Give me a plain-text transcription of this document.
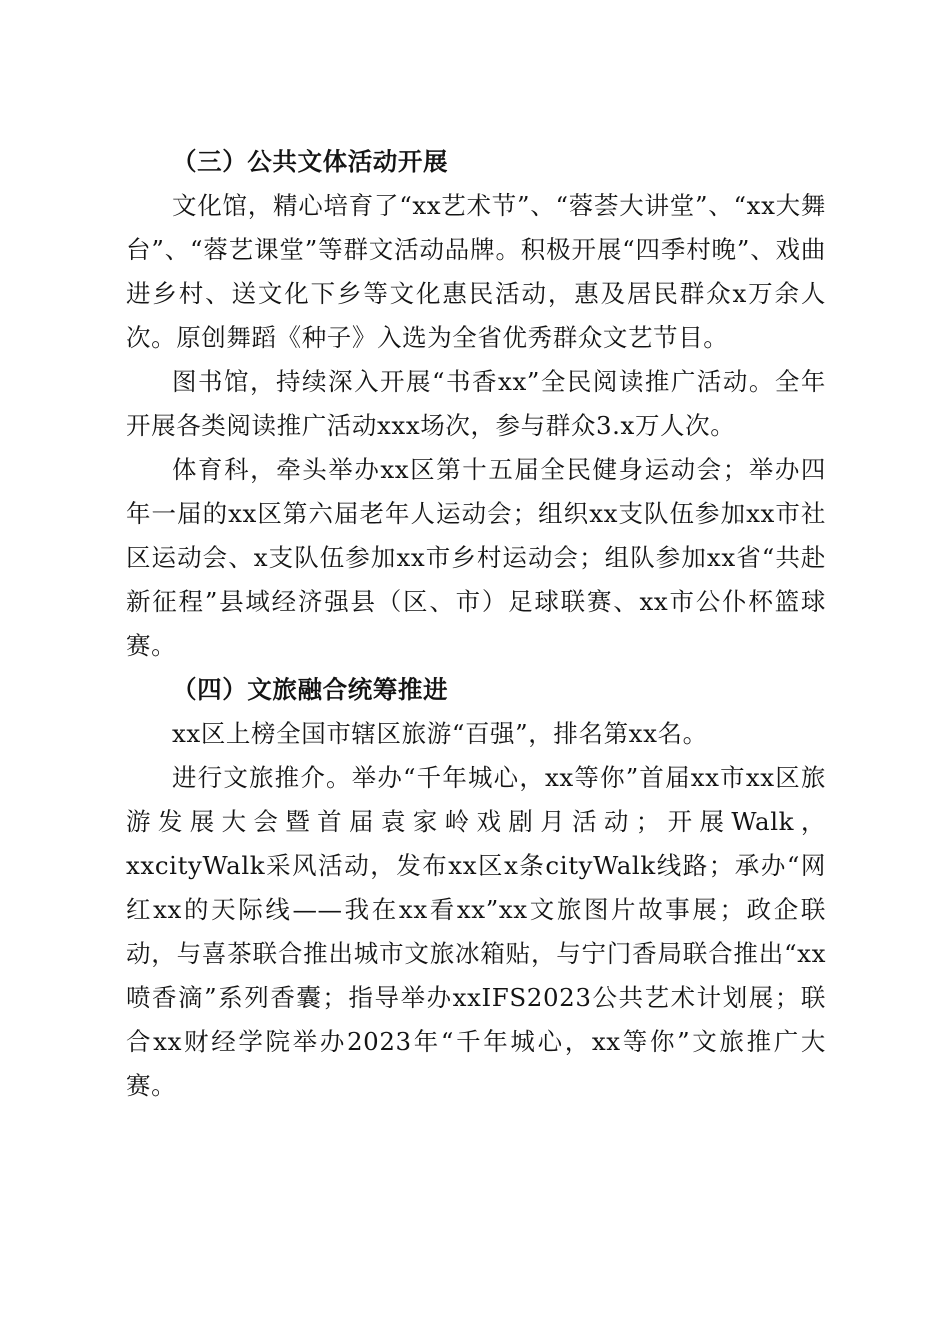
（三）公共文体活动开展

文化馆，精心培育了“xx艺术节”、“蓉荟大讲堂”、“xx大舞台”、“蓉艺课堂”等群文活动品牌。积极开展“四季村晚”、戏曲进乡村、送文化下乡等文化惠民活动，惠及居民群众x万余人次。原创舞蹈《种子》入选为全省优秀群众文艺节目。

图书馆，持续深入开展“书香xx”全民阅读推广活动。全年开展各类阅读推广活动xxx场次，参与群众3.x万人次。

体育科，牵头举办xx区第十五届全民健身运动会；举办四年一届的xx区第六届老年人运动会；组织xx支队伍参加xx市社区运动会、x支队伍参加xx市乡村运动会；组队参加xx省“共赴新征程”县域经济强县（区、市）足球联赛、xx市公仆杯篮球赛。

（四）文旅融合统筹推进

xx区上榜全国市辖区旅游“百强”，排名第xx名。

进行文旅推介。举办“千年城心，xx等你”首届xx市xx区旅游发展大会暨首届袁家岭戏剧月活动；开展Walk，xxcityWalk采风活动，发布xx区x条cityWalk线路；承办“网红xx的天际线——我在xx看xx”xx文旅图片故事展；政企联动，与喜茶联合推出城市文旅冰箱贴，与宁门香局联合推出“xx喷香滴”系列香囊；指导举办xxIFS2023公共艺术计划展；联合xx财经学院举办2023年“千年城心，xx等你”文旅推广大赛。
